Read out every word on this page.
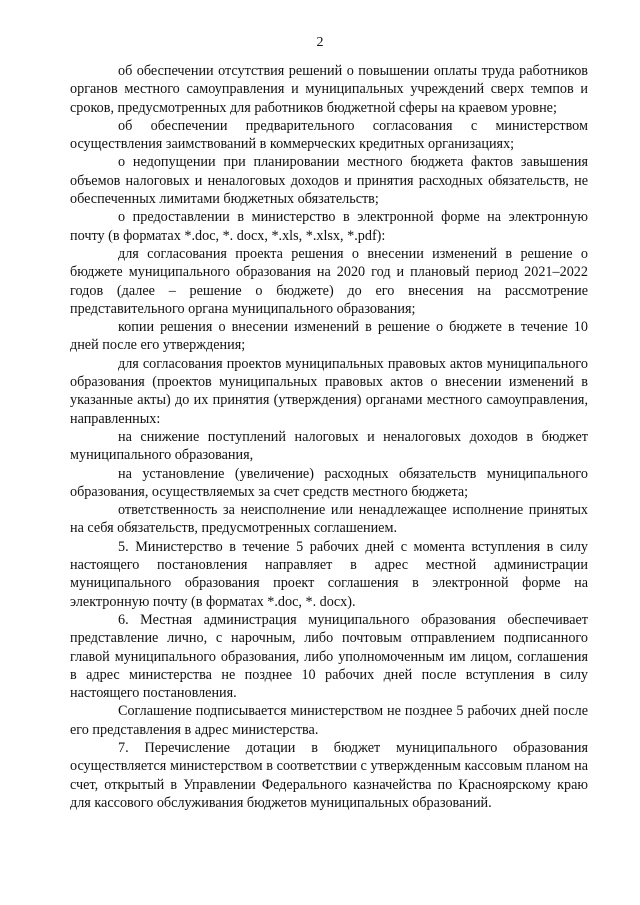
2

об обеспечении отсутствия решений о повышении оплаты труда работников органов местного самоуправления и муниципальных учреждений сверх темпов и сроков, предусмотренных для работников бюджетной сферы на краевом уровне;

об обеспечении предварительного согласования с министерством осуществления заимствований в коммерческих кредитных организациях;

о недопущении при планировании местного бюджета фактов завышения объемов налоговых и неналоговых доходов и принятия расходных обязательств, не обеспеченных лимитами бюджетных обязательств;

о предоставлении в министерство в электронной форме на электронную почту (в форматах *.doc, *. docx, *.xls, *.xlsx, *.pdf):

для согласования проекта решения о внесении изменений в решение о бюджете муниципального образования на 2020 год и плановый период 2021–2022 годов (далее – решение о бюджете) до его внесения на рассмотрение представительного органа муниципального образования;

копии решения о внесении изменений в решение о бюджете в течение 10 дней после его утверждения;

для согласования проектов муниципальных правовых актов муниципального образования (проектов муниципальных правовых актов о внесении изменений в указанные акты) до их принятия (утверждения) органами местного самоуправления, направленных:

на снижение поступлений налоговых и неналоговых доходов в бюджет муниципального образования,

на установление (увеличение) расходных обязательств муниципального образования, осуществляемых за счет средств местного бюджета;

ответственность за неисполнение или ненадлежащее исполнение принятых на себя обязательств, предусмотренных соглашением.

5. Министерство в течение 5 рабочих дней с момента вступления в силу настоящего постановления направляет в адрес местной администрации муниципального образования проект соглашения в электронной форме на электронную почту (в форматах *.doc, *. docx).

6. Местная администрация муниципального образования обеспечивает представление лично, с нарочным, либо почтовым отправлением подписанного главой муниципального образования, либо уполномоченным им лицом, соглашения в адрес министерства не позднее 10 рабочих дней после вступления в силу настоящего постановления.

Соглашение подписывается министерством не позднее 5 рабочих дней после его представления в адрес министерства.

7. Перечисление дотации в бюджет муниципального образования осуществляется министерством в соответствии с утвержденным кассовым планом на счет, открытый в Управлении Федерального казначейства по Красноярскому краю для кассового обслуживания бюджетов муниципальных образований.
